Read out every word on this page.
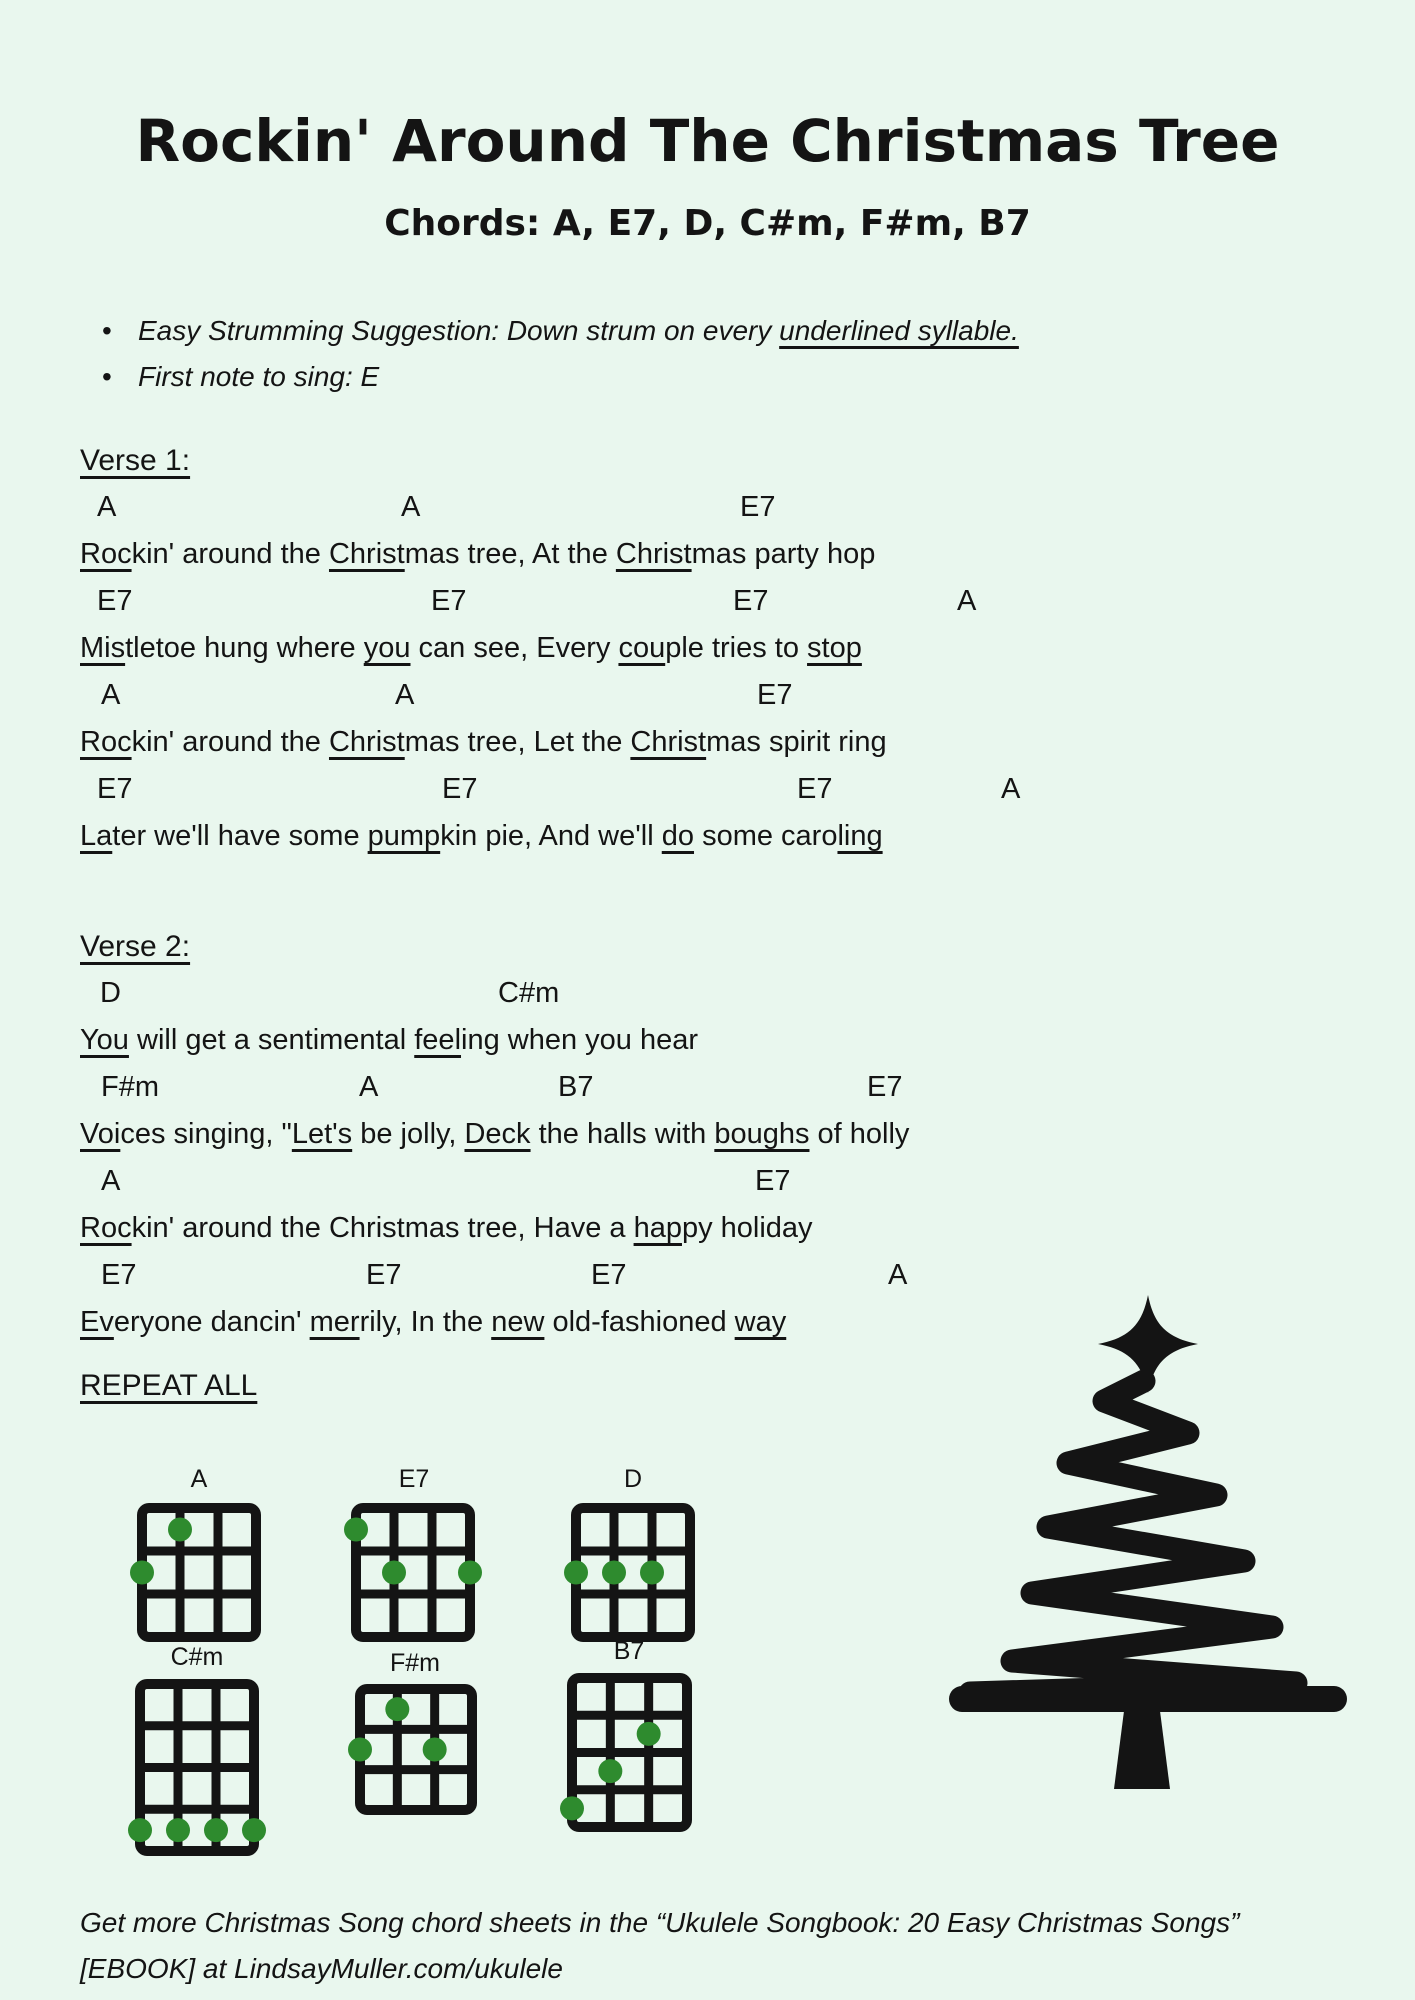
Rockin' Around The Christmas Tree
Chords: A, E7, D, C#m, F#m, B7
• Easy Strumming Suggestion: Down strum on every underlined syllable.
• First note to sing: E
Verse 1:
A	A	E7
Rockin' around the Christmas tree, At the Christmas party hop
E7	E7	E7	A
Mistletoe hung where you can see, Every couple tries to stop
A	A	E7
Rockin' around the Christmas tree, Let the Christmas spirit ring
E7	E7	E7	A
Later we'll have some pumpkin pie, And we'll do some caroling
Verse 2:
D	C#m
You will get a sentimental feeling when you hear
F#m	A	B7	E7
Voices singing, "Let's be jolly, Deck the halls with boughs of holly
A	E7
Rockin' around the Christmas tree, Have a happy holiday
E7	E7	E7	A
Everyone dancin' merrily, In the new old-fashioned way
REPEAT ALL
A	E7	D
C#m	F#m	B7
Get more Christmas Song chord sheets in the “Ukulele Songbook: 20 Easy Christmas Songs”
[EBOOK] at LindsayMuller.com/ukulele
